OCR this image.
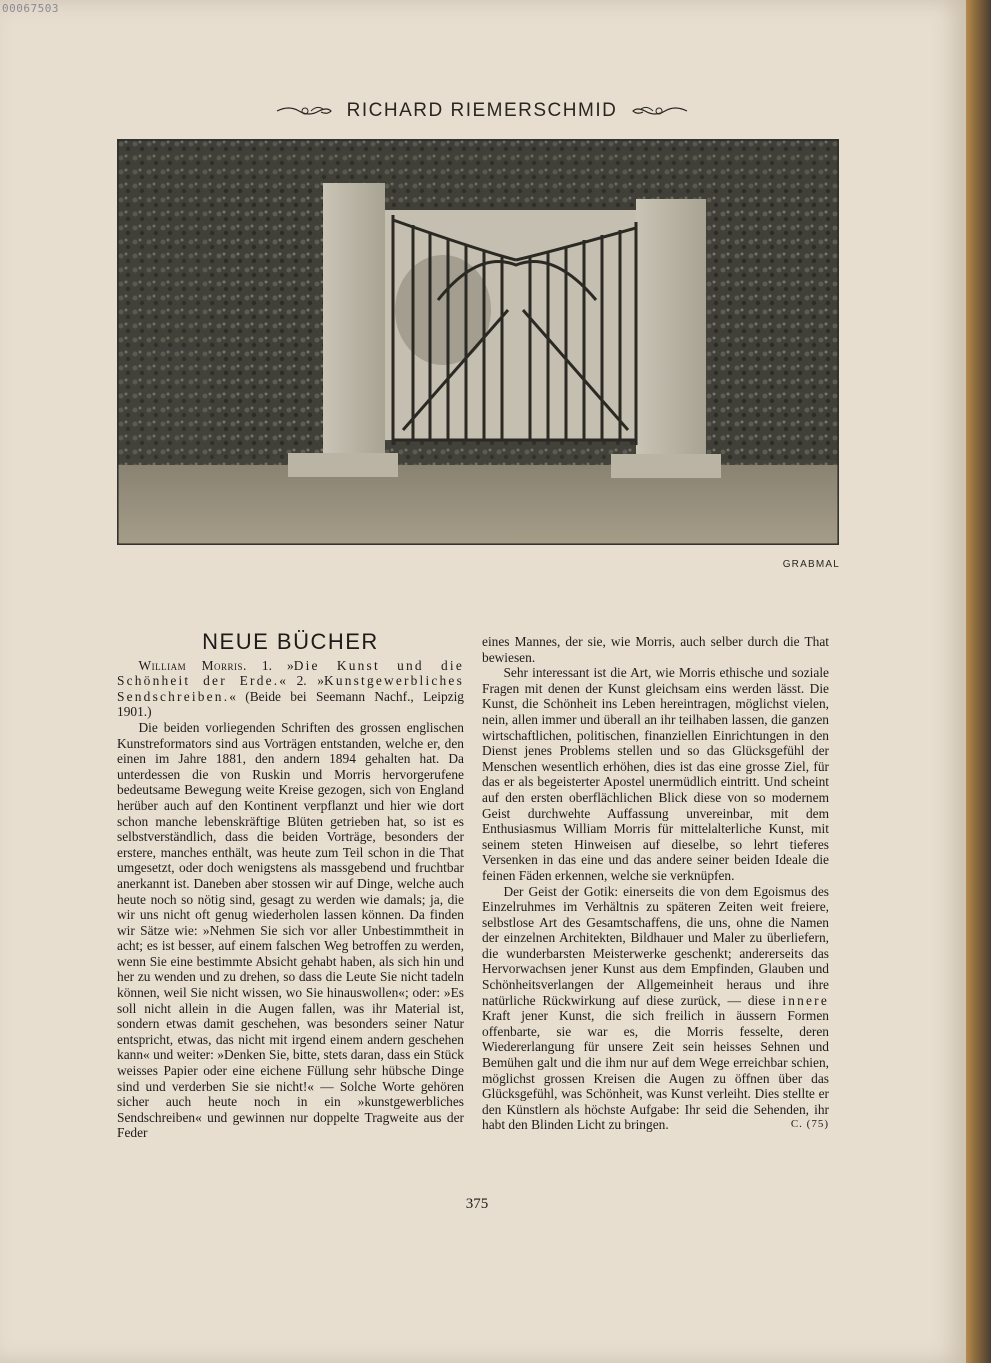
00067503
RICHARD RIEMERSCHMID
GRABMAL
NEUE BÜCHER

William Morris. 1. »Die Kunst und die Schönheit der Erde.« 2. »Kunstgewerbliches Sendschreiben.« (Beide bei Seemann Nachf., Leipzig 1901.)

Die beiden vorliegenden Schriften des grossen englischen Kunstreformators sind aus Vorträgen entstanden, welche er, den einen im Jahre 1881, den andern 1894 gehalten hat. Da unterdessen die von Ruskin und Morris hervorgerufene bedeutsame Bewegung weite Kreise gezogen, sich von England herüber auch auf den Kontinent verpflanzt und hier wie dort schon manche lebenskräftige Blüten getrieben hat, so ist es selbstverständlich, dass die beiden Vorträge, besonders der erstere, manches enthält, was heute zum Teil schon in die That umgesetzt, oder doch wenigstens als massgebend und fruchtbar anerkannt ist. Daneben aber stossen wir auf Dinge, welche auch heute noch so nötig sind, gesagt zu werden wie damals; ja, die wir uns nicht oft genug wiederholen lassen können. Da finden wir Sätze wie: »Nehmen Sie sich vor aller Unbestimmtheit in acht; es ist besser, auf einem falschen Weg betroffen zu werden, wenn Sie eine bestimmte Absicht gehabt haben, als sich hin und her zu wenden und zu drehen, so dass die Leute Sie nicht tadeln können, weil Sie nicht wissen, wo Sie hinauswollen«; oder: »Es soll nicht allein in die Augen fallen, was ihr Material ist, sondern etwas damit geschehen, was besonders seiner Natur entspricht, etwas, das nicht mit irgend einem andern geschehen kann« und weiter: »Denken Sie, bitte, stets daran, dass ein Stück weisses Papier oder eine eichene Füllung sehr hübsche Dinge sind und verderben Sie sie nicht!« — Solche Worte gehören sicher auch heute noch in ein »kunstgewerbliches Sendschreiben« und gewinnen nur doppelte Tragweite aus der Feder

eines Mannes, der sie, wie Morris, auch selber durch die That bewiesen.

Sehr interessant ist die Art, wie Morris ethische und soziale Fragen mit denen der Kunst gleichsam eins werden lässt. Die Kunst, die Schönheit ins Leben hereintragen, möglichst vielen, nein, allen immer und überall an ihr teilhaben lassen, die ganzen wirtschaftlichen, politischen, finanziellen Einrichtungen in den Dienst jenes Problems stellen und so das Glücksgefühl der Menschen wesentlich erhöhen, dies ist das eine grosse Ziel, für das er als begeisterter Apostel unermüdlich eintritt. Und scheint auf den ersten oberflächlichen Blick diese von so modernem Geist durchwehte Auffassung unvereinbar, mit dem Enthusiasmus William Morris für mittelalterliche Kunst, mit seinem steten Hinweisen auf dieselbe, so lehrt tieferes Versenken in das eine und das andere seiner beiden Ideale die feinen Fäden erkennen, welche sie verknüpfen.

Der Geist der Gotik: einerseits die von dem Egoismus des Einzelruhmes im Verhältnis zu späteren Zeiten weit freiere, selbstlose Art des Gesamtschaffens, die uns, ohne die Namen der einzelnen Architekten, Bildhauer und Maler zu überliefern, die wunderbarsten Meisterwerke geschenkt; andererseits das Hervorwachsen jener Kunst aus dem Empfinden, Glauben und Schönheitsverlangen der Allgemeinheit heraus und ihre natürliche Rückwirkung auf diese zurück, — diese innere Kraft jener Kunst, die sich freilich in äussern Formen offenbarte, sie war es, die Morris fesselte, deren Wiedererlangung für unsere Zeit sein heisses Sehnen und Bemühen galt und die ihm nur auf dem Wege erreichbar schien, möglichst grossen Kreisen die Augen zu öffnen über das Glücksgefühl, was Schönheit, was Kunst verleiht. Dies stellte er den Künstlern als höchste Aufgabe: Ihr seid die Sehenden, ihr habt den Blinden Licht zu bringen.	C. (75)

375
